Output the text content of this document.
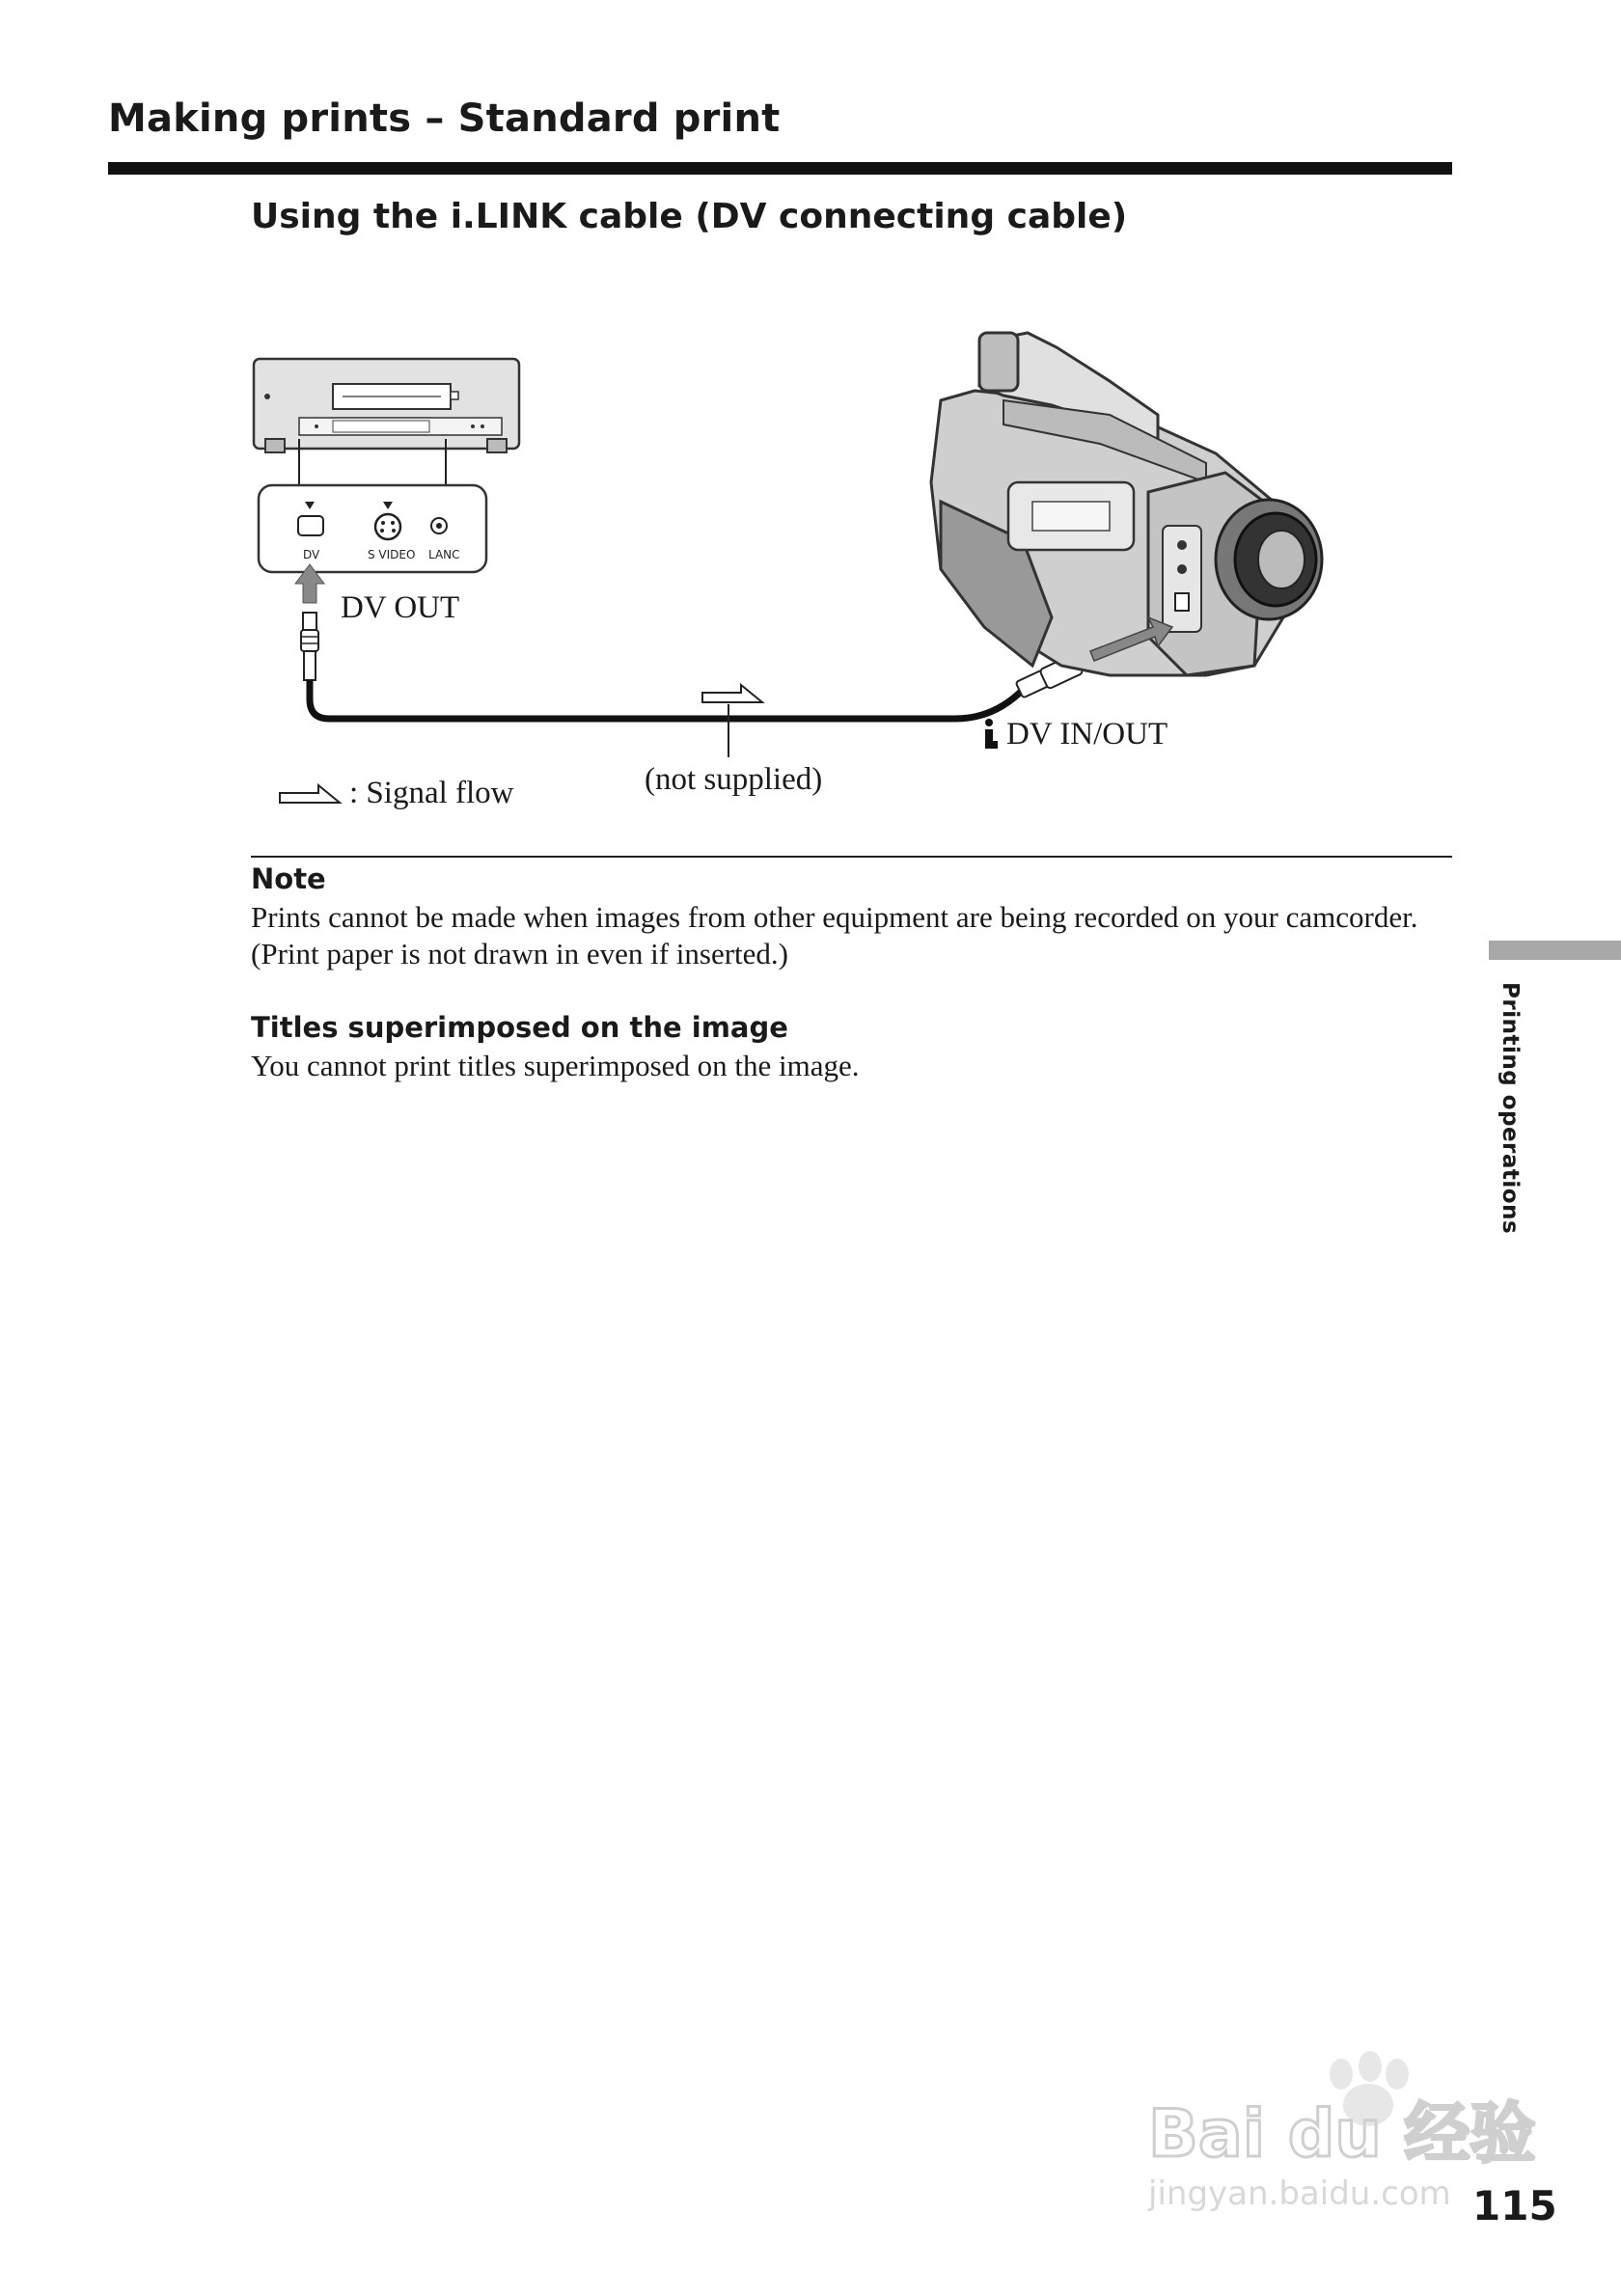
Making prints – Standard print
Using the i.LINK cable (DV connecting cable)
DV	S VIDEO LANC
DV OUT
DV IN/OUT
(not supplied)
: Signal flow
Note
Prints cannot be made when images from other equipment are being recorded on your camcorder. (Print paper is not drawn in even if inserted.)
Titles superimposed on the image
You cannot print titles superimposed on the image.	Printing operations
Bai du 经验
jingyan.baidu.com 115
